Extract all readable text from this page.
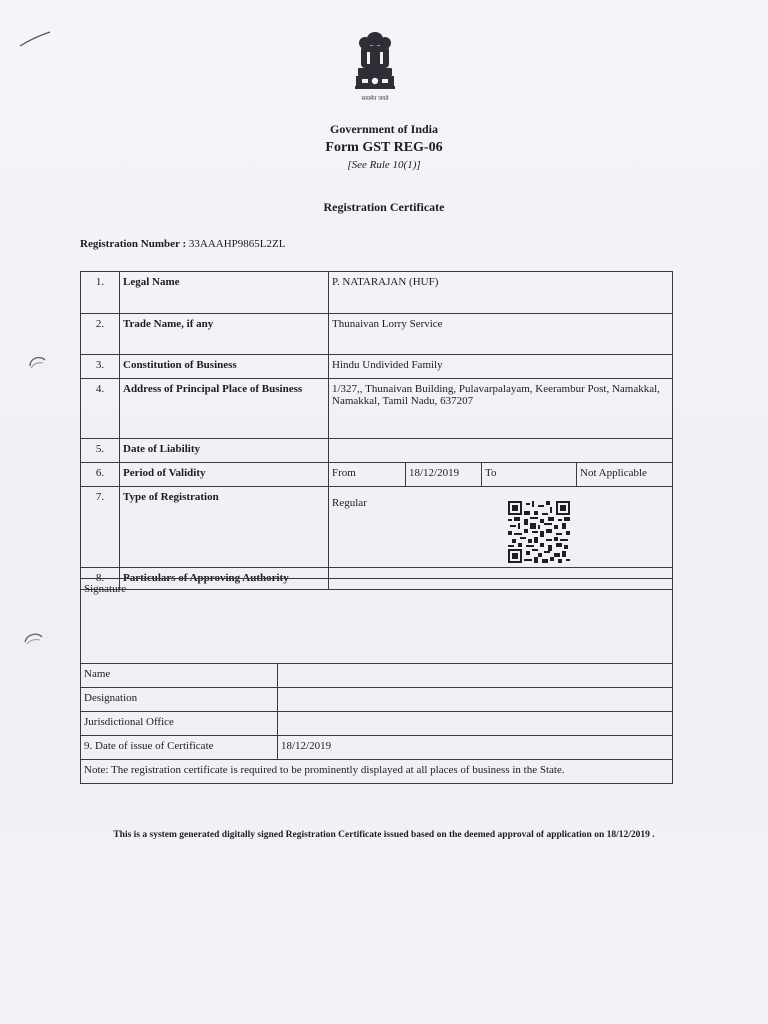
सत्यमेव जयते
Government of India
Form GST REG-06
[See Rule 10(1)]
Registration Certificate
Registration Number : 33AAAHP9865L2ZL
1.	Legal Name	P. NATARAJAN (HUF)			
2.	Trade Name, if any	Thunaivan Lorry Service			
3.	Constitution of Business	Hindu Undivided Family			
4.	Address of Principal Place of Business	1/327,, Thunaivan Building, Pulavarpalayam, Keerambur Post, Namakkal, Namakkal, Tamil Nadu, 637207			
5.	Date of Liability				
6.	Period of Validity	From	18/12/2019	To	Not Applicable
7.	Type of Registration	Regular			

8.	Particulars of Approving Authority				
Signature	
Name	
Designation	
Jurisdictional Office	
9. Date of issue of Certificate	18/12/2019
Note: The registration certificate is required to be prominently displayed at all places of business in the State.	
This is a system generated digitally signed Registration Certificate issued based on the deemed approval of application on 18/12/2019 .
